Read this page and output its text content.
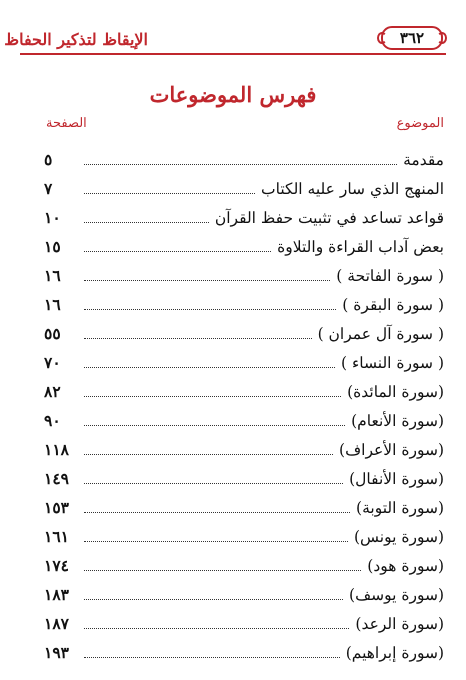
الإيقاظ لتذكير الحفاظ	٣٦٢
فهرس الموضوعات
الموضوع
الصفحة
مقدمة
٥
المنهج الذي سار عليه الكتاب
٧
قواعد تساعد في تثبيت حفظ القرآن
١٠
بعض آداب القراءة والتلاوة
١٥
( سورة الفاتحة )
١٦
( سورة البقرة )
١٦
( سورة آل عمران )
٥٥
( سورة النساء )
٧٠
(سورة المائدة)
٨٢
(سورة الأنعام)
٩٠
(سورة الأعراف)
١١٨
(سورة الأنفال)
١٤٩
(سورة التوبة)
١٥٣
(سورة يونس)
١٦١
(سورة هود)
١٧٤
(سورة يوسف)
١٨٣
(سورة الرعد)
١٨٧
(سورة إبراهيم)
١٩٣
